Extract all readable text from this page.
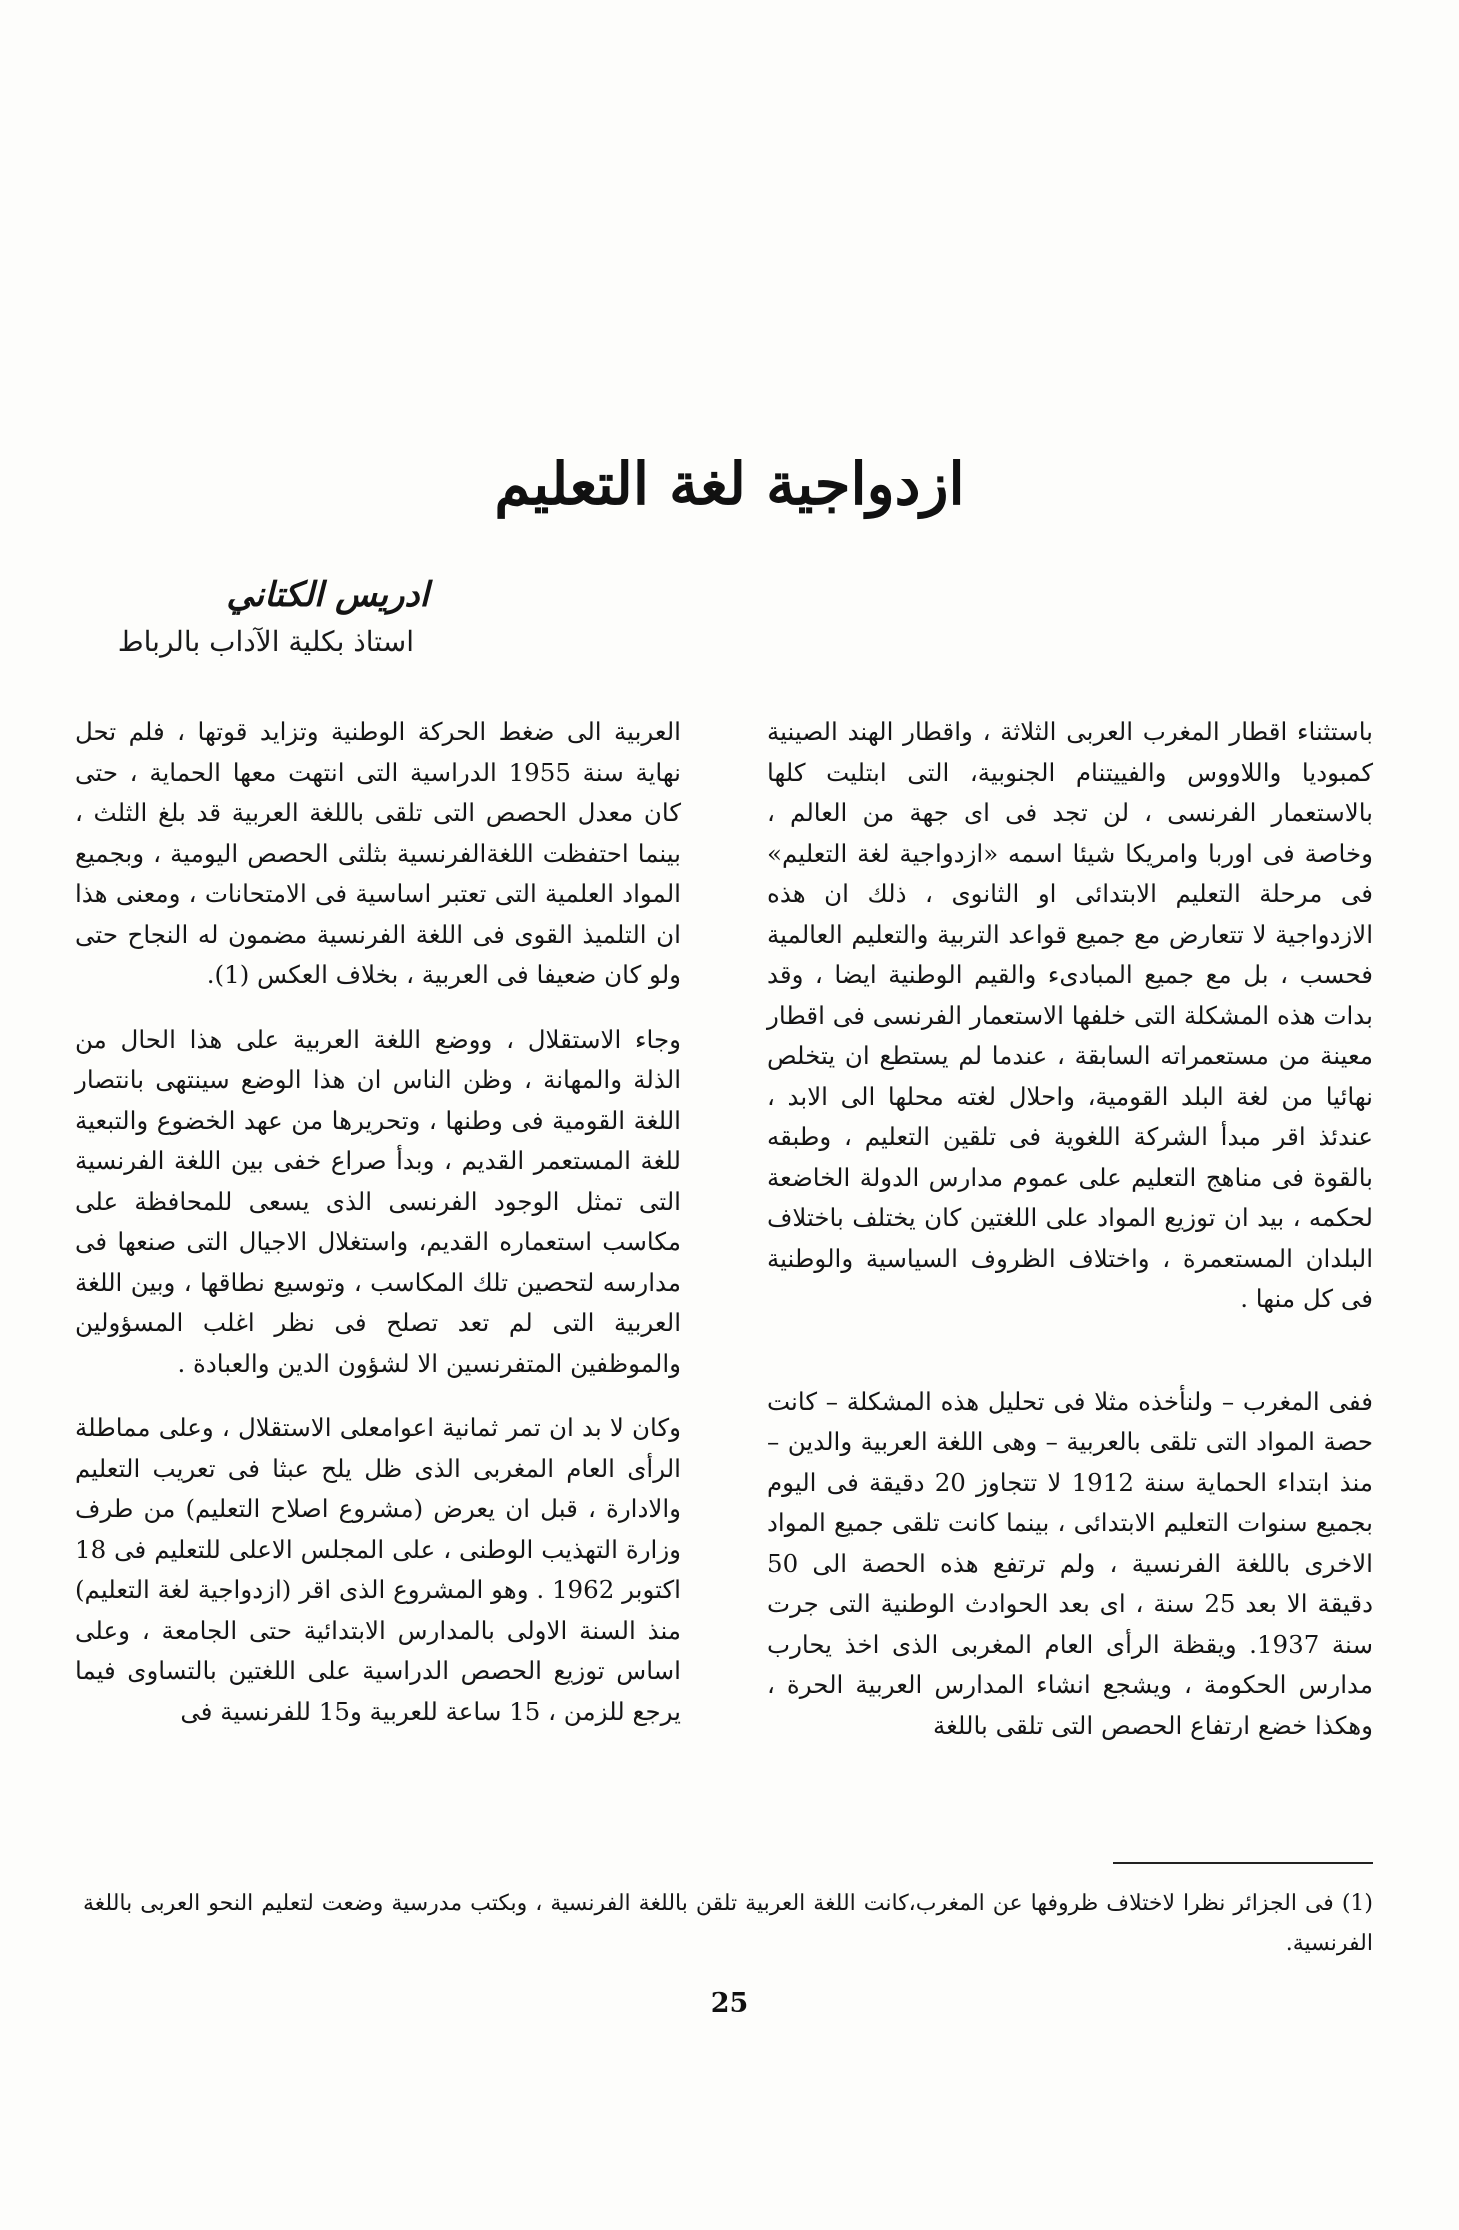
ازدواجية لغة التعليم
ادريس الكتاني
استاذ بكلية الآداب بالرباط

باستثناء اقطار المغرب العربى الثلاثة ، واقطار الهند الصينية كمبوديا واللاووس والفييتنام الجنوبية، التى ابتليت كلها بالاستعمار الفرنسى ، لن تجد فى اى جهة من العالم ، وخاصة فى اوربا وامريكا شيئا اسمه «ازدواجية لغة التعليم» فى مرحلة التعليم الابتدائى او الثانوى ، ذلك ان هذه الازدواجية لا تتعارض مع جميع قواعد التربية والتعليم العالمية فحسب ، بل مع جميع المبادىء والقيم الوطنية ايضا ، وقد بدات هذه المشكلة التى خلفها الاستعمار الفرنسى فى اقطار معينة من مستعمراته السابقة ، عندما لم يستطع ان يتخلص نهائيا من لغة البلد القومية، واحلال لغته محلها الى الابد ، عندئذ اقر مبدأ الشركة اللغوية فى تلقين التعليم ، وطبقه بالقوة فى مناهج التعليم على عموم مدارس الدولة الخاضعة لحكمه ، بيد ان توزيع المواد على اللغتين كان يختلف باختلاف البلدان المستعمرة ، واختلاف الظروف السياسية والوطنية فى كل منها .

ففى المغرب – ولنأخذه مثلا فى تحليل هذه المشكلة – كانت حصة المواد التى تلقى بالعربية – وهى اللغة العربية والدين – منذ ابتداء الحماية سنة 1912 لا تتجاوز 20 دقيقة فى اليوم بجميع سنوات التعليم الابتدائى ، بينما كانت تلقى جميع المواد الاخرى باللغة الفرنسية ، ولم ترتفع هذه الحصة الى 50 دقيقة الا بعد 25 سنة ، اى بعد الحوادث الوطنية التى جرت سنة 1937. ويقظة الرأى العام المغربى الذى اخذ يحارب مدارس الحكومة ، ويشجع انشاء المدارس العربية الحرة ، وهكذا خضع ارتفاع الحصص التى تلقى باللغة

العربية الى ضغط الحركة الوطنية وتزايد قوتها ، فلم تحل نهاية سنة 1955 الدراسية التى انتهت معها الحماية ، حتى كان معدل الحصص التى تلقى باللغة العربية قد بلغ الثلث ، بينما احتفظت اللغةالفرنسية بثلثى الحصص اليومية ، وبجميع المواد العلمية التى تعتبر اساسية فى الامتحانات ، ومعنى هذا ان التلميذ القوى فى اللغة الفرنسية مضمون له النجاح حتى ولو كان ضعيفا فى العربية ، بخلاف العكس (1).

وجاء الاستقلال ، ووضع اللغة العربية على هذا الحال من الذلة والمهانة ، وظن الناس ان هذا الوضع سينتهى بانتصار اللغة القومية فى وطنها ، وتحريرها من عهد الخضوع والتبعية للغة المستعمر القديم ، وبدأ صراع خفى بين اللغة الفرنسية التى تمثل الوجود الفرنسى الذى يسعى للمحافظة على مكاسب استعماره القديم، واستغلال الاجيال التى صنعها فى مدارسه لتحصين تلك المكاسب ، وتوسيع نطاقها ، وبين اللغة العربية التى لم تعد تصلح فى نظر اغلب المسؤولين والموظفين المتفرنسين الا لشؤون الدين والعبادة .

وكان لا بد ان تمر ثمانية اعوامعلى الاستقلال ، وعلى مماطلة الرأى العام المغربى الذى ظل يلح عبثا فى تعريب التعليم والادارة ، قبل ان يعرض (مشروع اصلاح التعليم) من طرف وزارة التهذيب الوطنى ، على المجلس الاعلى للتعليم فى 18 اكتوبر 1962 . وهو المشروع الذى اقر (ازدواجية لغة التعليم) منذ السنة الاولى بالمدارس الابتدائية حتى الجامعة ، وعلى اساس توزيع الحصص الدراسية على اللغتين بالتساوى فيما يرجع للزمن ، 15 ساعة للعربية و15 للفرنسية فى

(1) فى الجزائر نظرا لاختلاف ظروفها عن المغرب،كانت اللغة العربية تلقن باللغة الفرنسية ، وبكتب مدرسية وضعت لتعليم النحو العربى باللغة الفرنسية.

25
